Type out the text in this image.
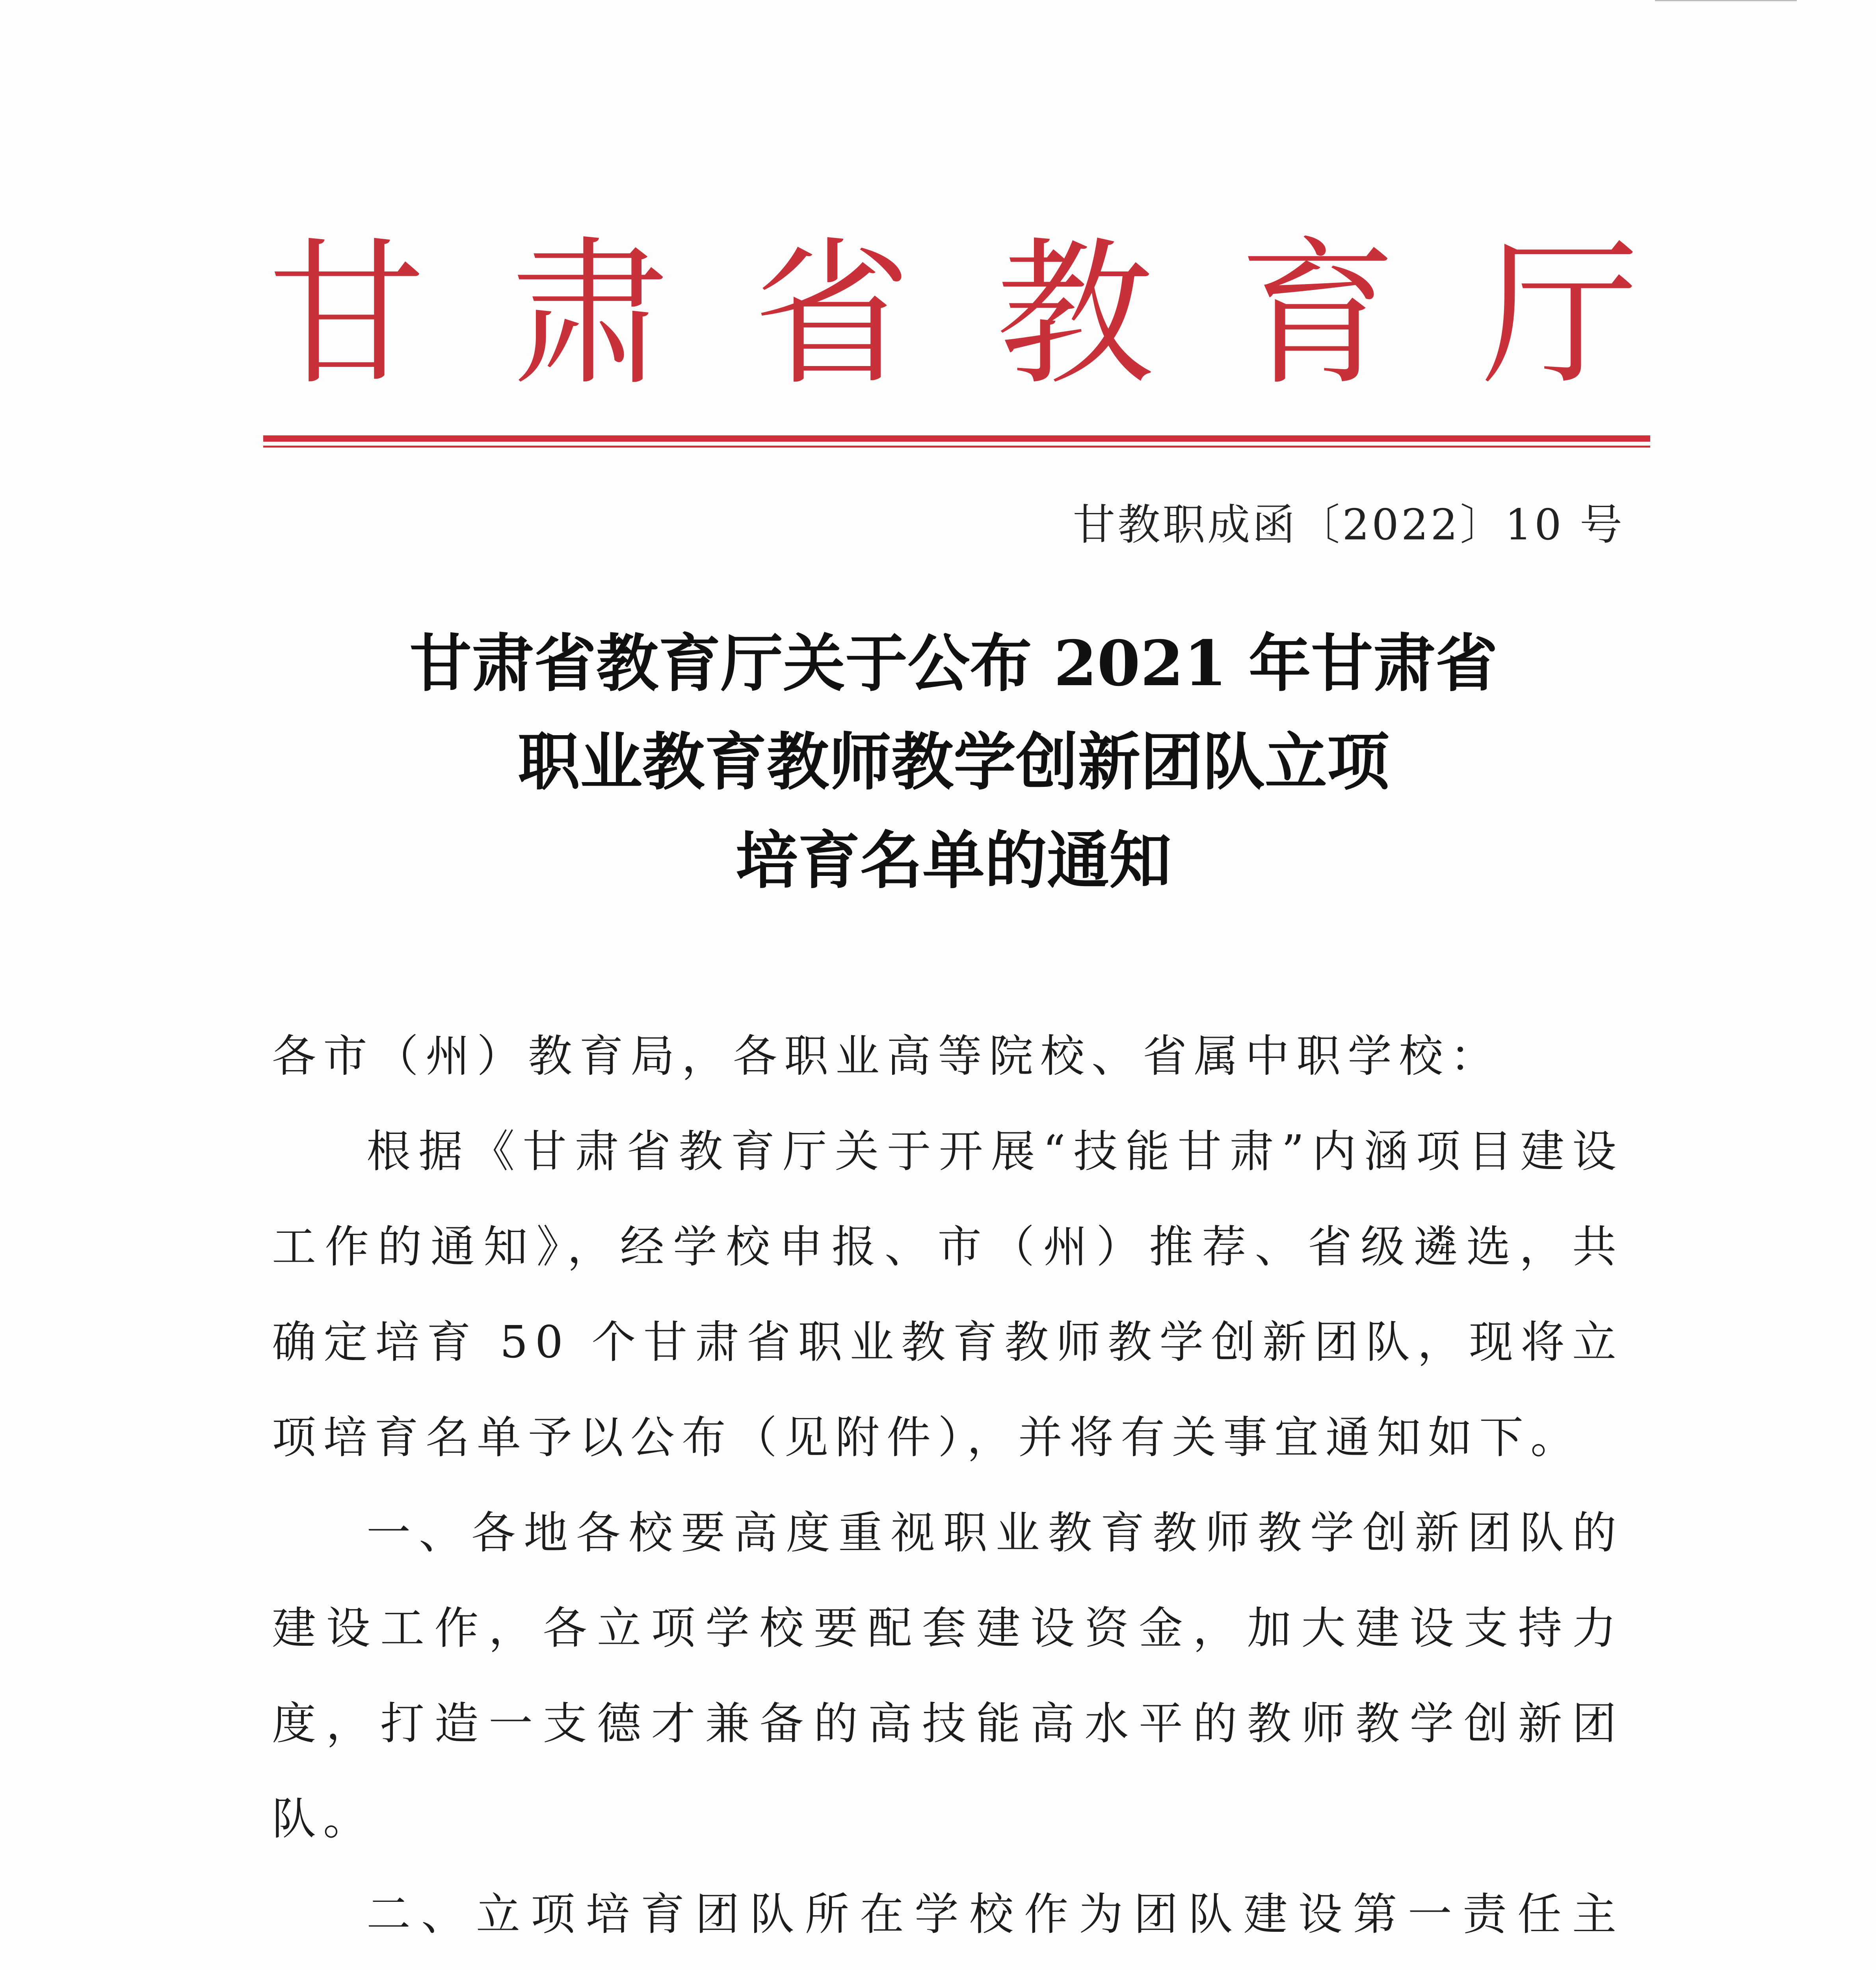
甘 肃 省 教 育 厅
甘教职成函〔2022〕10 号
甘肃省教育厅关于公布 2021 年甘肃省
职业教育教师教学创新团队立项
培育名单的通知

各市（州）教育局，各职业高等院校、省属中职学校：

根据《甘肃省教育厅关于开展“技能甘肃”内涵项目建设工作的通知》，经学校申报、市（州）推荐、省级遴选，共确定培育 50 个甘肃省职业教育教师教学创新团队，现将立项培育名单予以公布（见附件），并将有关事宜通知如下。

一、各地各校要高度重视职业教育教师教学创新团队的建设工作，各立项学校要配套建设资金，加大建设支持力度，打造一支德才兼备的高技能高水平的教师教学创新团队。

二、立项培育团队所在学校作为团队建设第一责任主
